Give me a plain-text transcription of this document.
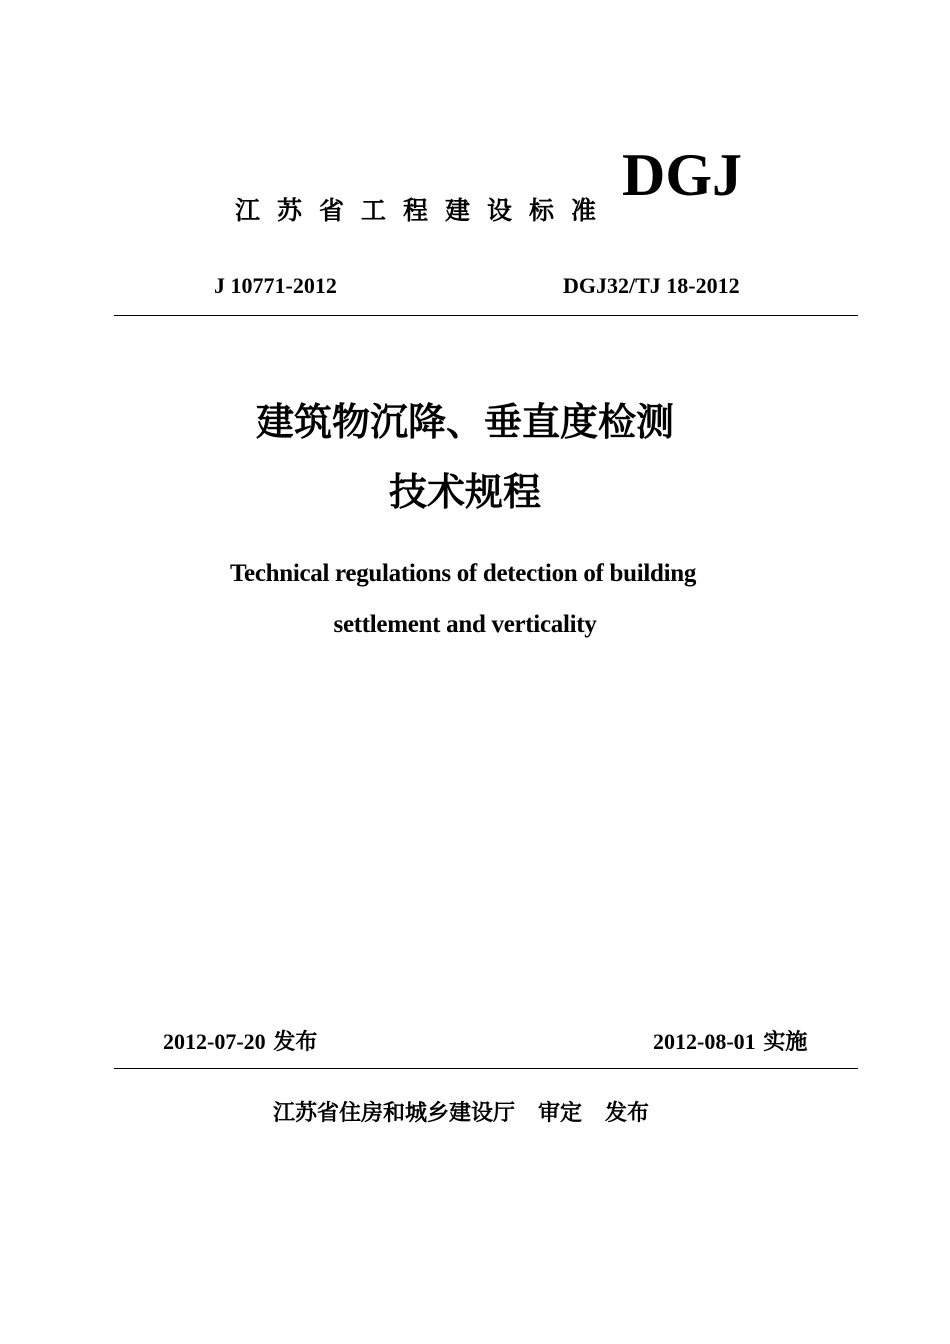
江苏省工程建设标准
DGJ
J 10771-2012	DGJ32/TJ 18-2012
建筑物沉降、垂直度检测
技术规程
Technical regulations of detection of building
settlement and verticality
2012-07-20 发布	2012-08-01 实施
江苏省住房和城乡建设厅 审定 发布
